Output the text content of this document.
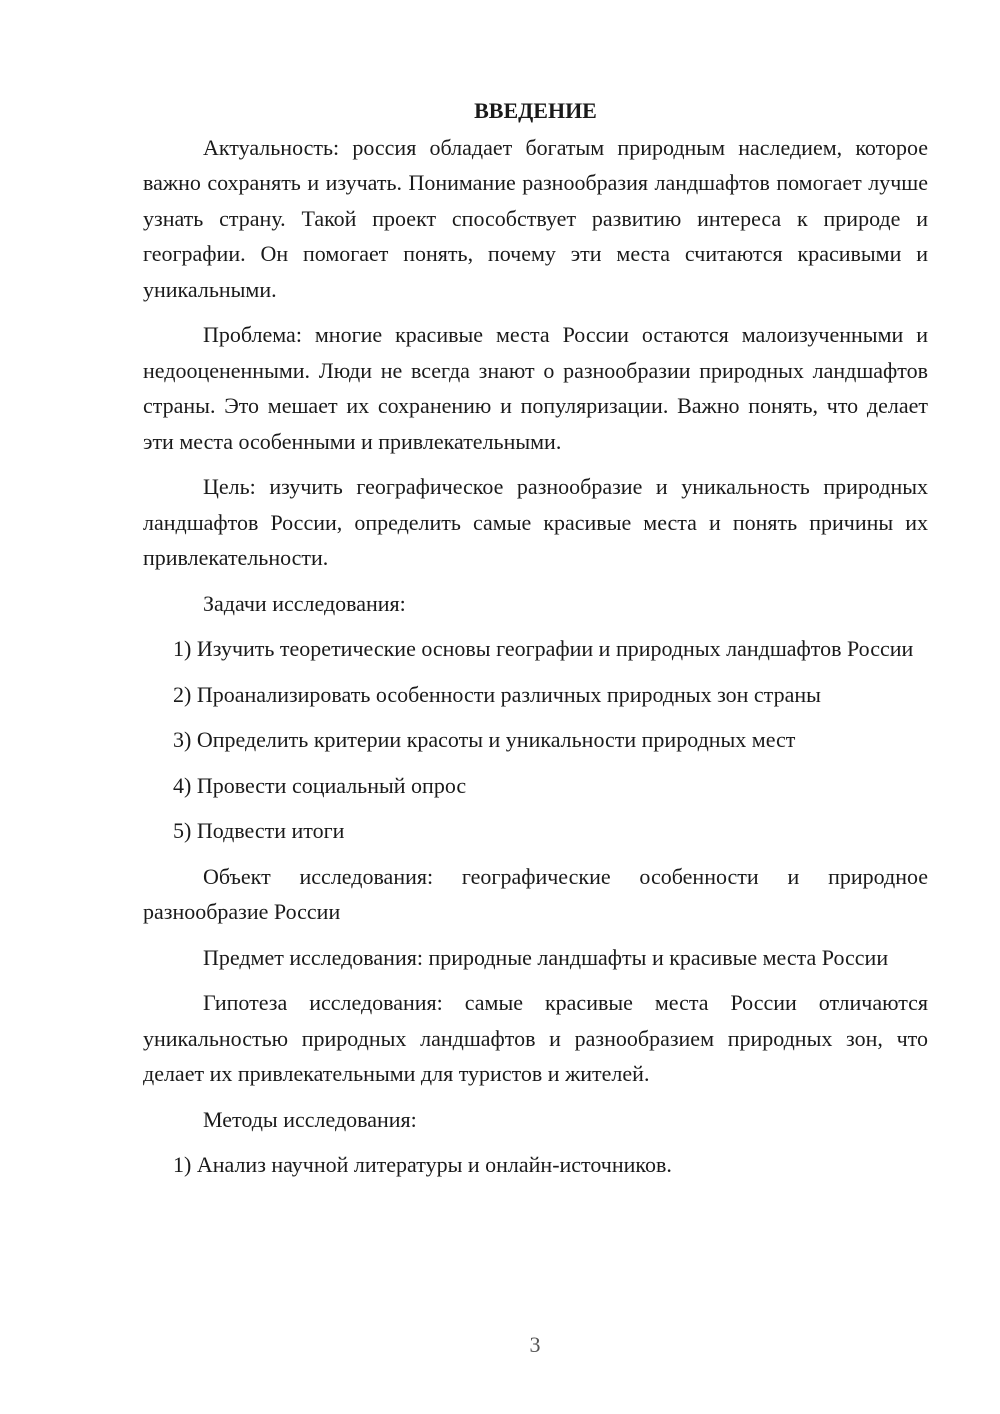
ВВЕДЕНИЕ

Актуальность: россия обладает богатым природным наследием, которое важно сохранять и изучать. Понимание разнообразия ландшафтов помогает лучше узнать страну. Такой проект способствует развитию интереса к природе и географии. Он помогает понять, почему эти места считаются красивыми и уникальными.

Проблема: многие красивые места России остаются малоизученными и недооцененными. Люди не всегда знают о разнообразии природных ландшафтов страны. Это мешает их сохранению и популяризации. Важно понять, что делает эти места особенными и привлекательными.

Цель: изучить географическое разнообразие и уникальность природных ландшафтов России, определить самые красивые места и понять причины их привлекательности.

Задачи исследования:

1) Изучить теоретические основы географии и природных ландшафтов России

2) Проанализировать особенности различных природных зон страны

3) Определить критерии красоты и уникальности природных мест

4) Провести социальный опрос

5) Подвести итоги

Объект исследования: географические особенности и природное разнообразие России

Предмет исследования: природные ландшафты и красивые места России

Гипотеза исследования: самые красивые места России отличаются уникальностью природных ландшафтов и разнообразием природных зон, что делает их привлекательными для туристов и жителей.

Методы исследования:

1) Анализ научной литературы и онлайн-источников.

3
